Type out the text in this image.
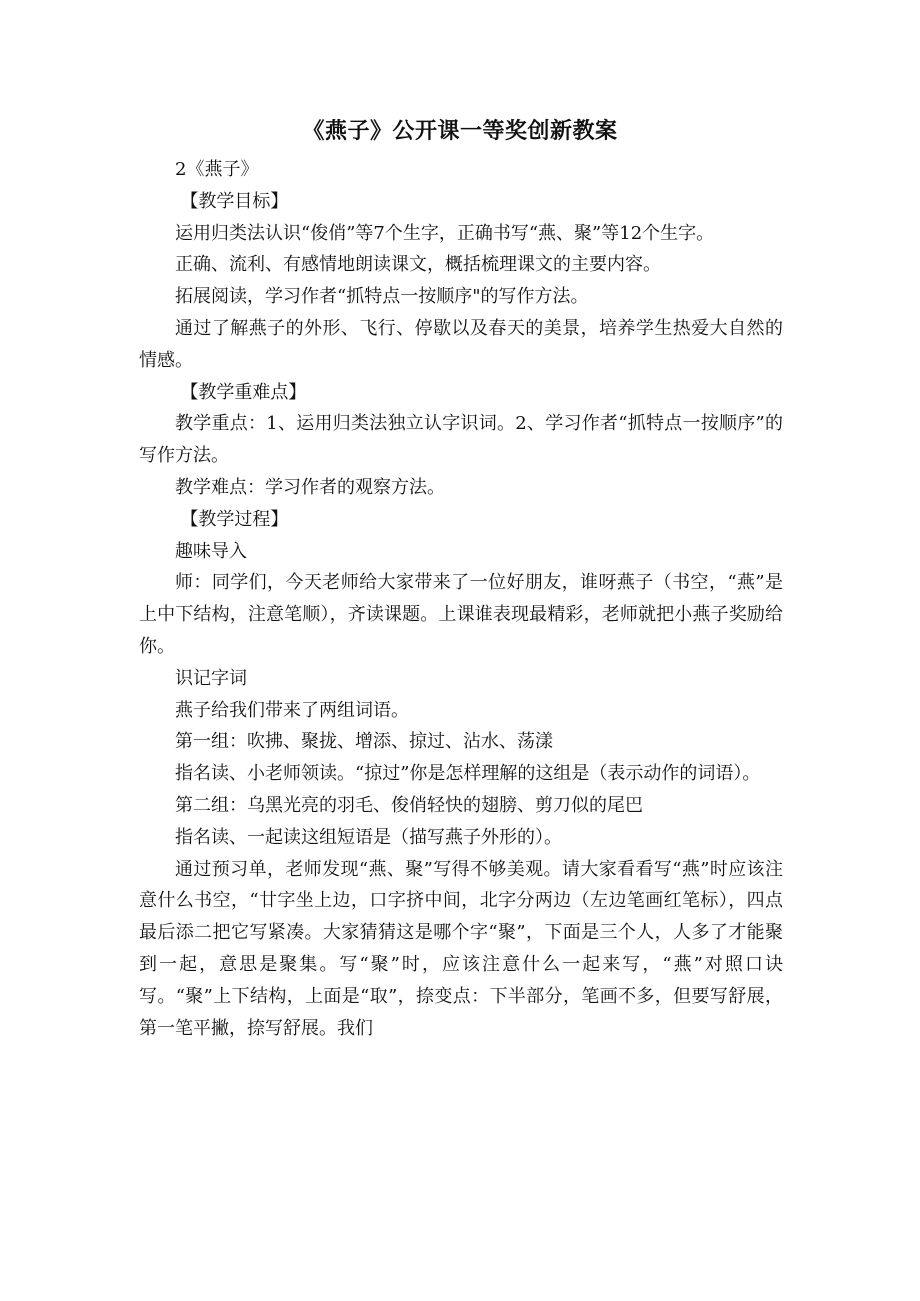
《燕子》公开课一等奖创新教案

2《燕子》

【教学目标】

运用归类法认识“俊俏”等7个生字，正确书写“燕、聚”等12个生字。

正确、流利、有感情地朗读课文，概括梳理课文的主要内容。

拓展阅读，学习作者“抓特点一按顺序"的写作方法。

通过了解燕子的外形、飞行、停歇以及春天的美景，培养学生热爱大自然的情感。

【教学重难点】

教学重点：1、运用归类法独立认字识词。2、学习作者“抓特点一按顺序”的写作方法。

教学难点：学习作者的观察方法。

【教学过程】

趣味导入

师：同学们，今天老师给大家带来了一位好朋友，谁呀燕子（书空，“燕”是上中下结构，注意笔顺），齐读课题。上课谁表现最精彩，老师就把小燕子奖励给你。

识记字词

燕子给我们带来了两组词语。

第一组：吹拂、聚拢、增添、掠过、沾水、荡漾

指名读、小老师领读。“掠过”你是怎样理解的这组是（表示动作的词语）。

第二组：乌黑光亮的羽毛、俊俏轻快的翅膀、剪刀似的尾巴

指名读、一起读这组短语是（描写燕子外形的）。

通过预习单，老师发现“燕、聚”写得不够美观。请大家看看写“燕”时应该注意什么书空，“廿字坐上边，口字挤中间，北字分两边（左边笔画红笔标），四点最后添二把它写紧凑。大家猜猜这是哪个字“聚”，下面是三个人，人多了才能聚到一起，意思是聚集。写“聚”时，应该注意什么一起来写，“燕”对照口诀写。“聚”上下结构，上面是“取”，捺变点：下半部分，笔画不多，但要写舒展，第一笔平撇，捺写舒展。我们
